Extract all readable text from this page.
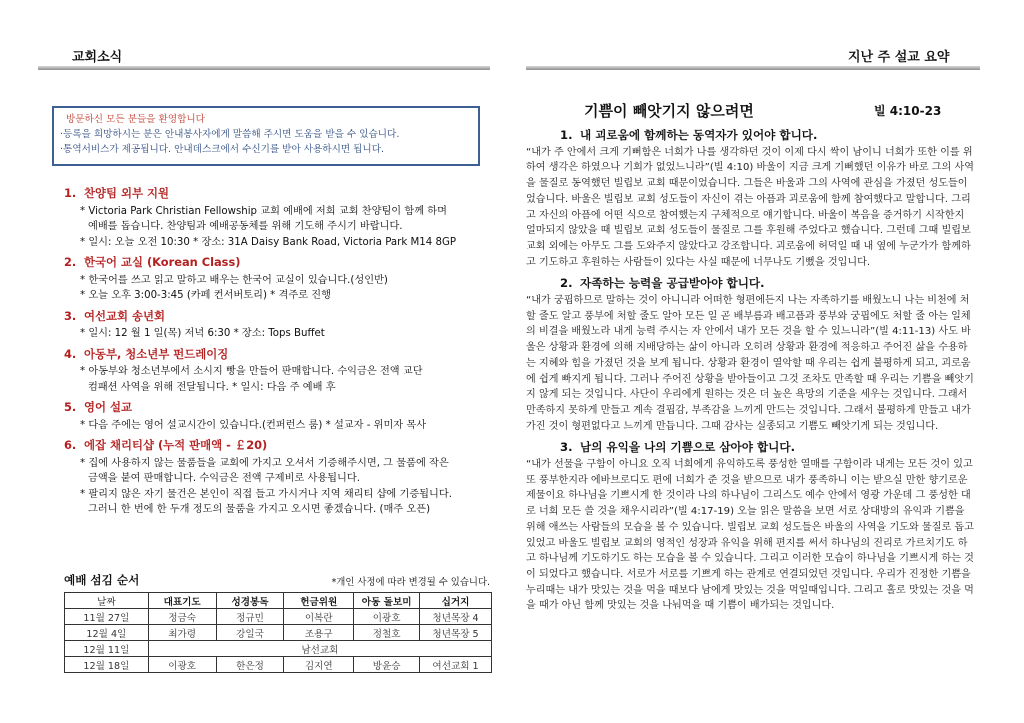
교회소식
방문하신 모든 분들을 환영합니다
·등록을 희망하시는 분은 안내봉사자에게 말씀해 주시면 도움을 받을 수 있습니다.
·통역서비스가 제공됩니다. 안내데스크에서 수신기를 받아 사용하시면 됩니다.
1. 찬양팀 외부 지원

* Victoria Park Christian Fellowship 교회 예배에 저희 교회 찬양팀이 함께 하며
예배를 돕습니다. 찬양팀과 예배공동체를 위해 기도해 주시기 바랍니다.

* 일시: 오늘 오전 10:30 * 장소: 31A Daisy Bank Road, Victoria Park M14 8GP

2. 한국어 교실 (Korean Class)

* 한국어를 쓰고 읽고 말하고 배우는 한국어 교실이 있습니다.(성인반)

* 오늘 오후 3:00-3:45 (카페 컨서버토리) * 격주로 진행

3. 여선교회 송년회

* 일시: 12 월 1 일(목) 저녁 6:30 * 장소: Tops Buffet

4. 아동부, 청소년부 펀드레이징

* 아동부와 청소년부에서 소시지 빵을 만들어 판매합니다. 수익금은 전액 교단
컴패션 사역을 위해 전달됩니다. * 일시: 다음 주 예배 후

5. 영어 설교

* 다음 주에는 영어 설교시간이 있습니다.(컨퍼런스 룸) * 설교자 - 위미자 목사

6. 에잡 채리티샵 (누적 판매액 - ￡20)

* 집에 사용하지 않는 물품들을 교회에 가지고 오셔서 기증해주시면, 그 물품에 작은
금액을 붙여 판매합니다. 수익금은 전액 구제비로 사용됩니다.

* 팔리지 않은 자기 물건은 본인이 직접 들고 가시거나 지역 채리티 샵에 기증됩니다.
그러니 한 번에 한 두개 정도의 물품을 가지고 오시면 좋겠습니다. (매주 오픈)

예배 섬김 순서	*개인 사정에 따라 변경될 수 있습니다.
날짜	대표기도	성경봉독	헌금위원	아동 돌보미	십거지
11월 27일	정금숙	정규민	이복란	이광호	청년목장 4
12월 4일	최가령	강일국	조용구	정철호	청년목장 5
12월 11일	남선교회				
12월 18일	이광호	한은정	김지연	방윤승	여선교회 1
지난 주 설교 요약
기쁨이 빼앗기지 않으려면	빌 4:10-23
1. 내 괴로움에 함께하는 동역자가 있어야 합니다.

“내가 주 안에서 크게 기뻐함은 너희가 나를 생각하던 것이 이제 다시 싹이 남이니 너희가 또한 이를 위하여 생각은 하였으나 기회가 없었느니라”(빌 4:10) 바울이 지금 크게 기뻐했던 이유가 바로 그의 사역을 물질로 동역했던 빌립보 교회 때문이었습니다. 그들은 바울과 그의 사역에 관심을 가졌던 성도들이었습니다. 바울은 빌립보 교회 성도들이 자신이 겪는 아픔과 괴로움에 함께 참여했다고 말합니다. 그리고 자신의 아픔에 어떤 식으로 참여했는지 구체적으로 얘기합니다. 바울이 복음을 증거하기 시작한지 얼마되지 않았을 때 빌립보 교회 성도들이 물질로 그를 후원해 주었다고 했습니다. 그런데 그때 빌립보 교회 외에는 아무도 그를 도와주지 않았다고 강조합니다. 괴로움에 허덕일 때 내 옆에 누군가가 함께하고 기도하고 후원하는 사람들이 있다는 사실 때문에 너무나도 기뻤을 것입니다.

2. 자족하는 능력을 공급받아야 합니다.

“내가 궁핍하므로 말하는 것이 아니니라 어떠한 형편에든지 나는 자족하기를 배웠노니 나는 비천에 처할 줄도 알고 풍부에 처할 줄도 알아 모든 일 곧 배부름과 배고픔과 풍부와 궁핍에도 처할 줄 아는 일체의 비결을 배웠노라 내게 능력 주시는 자 안에서 내가 모든 것을 할 수 있느니라”(빌 4:11-13) 사도 바울은 상황과 환경에 의해 지배당하는 삶이 아니라 오히려 상황과 환경에 적응하고 주어진 삶을 수용하는 지혜와 힘을 가졌던 것을 보게 됩니다. 상황과 환경이 열악할 때 우리는 쉽게 불평하게 되고, 괴로움에 쉽게 빠지게 됩니다. 그러나 주어진 상황을 받아들이고 그것 조차도 만족할 때 우리는 기쁨을 빼앗기지 않게 되는 것입니다. 사단이 우리에게 원하는 것은 더 높은 욕망의 기준을 세우는 것입니다. 그래서 만족하지 못하게 만들고 계속 결핍감, 부족감을 느끼게 만드는 것입니다. 그래서 불평하게 만들고 내가 가진 것이 형편없다고 느끼게 만듭니다. 그때 감사는 실종되고 기쁨도 빼앗기게 되는 것입니다.

3. 남의 유익을 나의 기쁨으로 삼아야 합니다.

“내가 선물을 구함이 아니요 오직 너희에게 유익하도록 풍성한 열매를 구함이라 내게는 모든 것이 있고 또 풍부한지라 에바브로디도 편에 너희가 준 것을 받으므로 내가 풍족하니 이는 받으실 만한 향기로운 제물이요 하나님을 기쁘시게 한 것이라 나의 하나님이 그리스도 예수 안에서 영광 가운데 그 풍성한 대로 너희 모든 쓸 것을 채우시리라”(빌 4:17-19) 오늘 읽은 말씀을 보면 서로 상대방의 유익과 기쁨을 위해 애쓰는 사람들의 모습을 볼 수 있습니다. 빌립보 교회 성도들은 바울의 사역을 기도와 물질로 돕고 있었고 바울도 빌립보 교회의 영적인 성장과 유익을 위해 편지를 써서 하나님의 진리로 가르치기도 하고 하나님께 기도하기도 하는 모습을 볼 수 있습니다. 그리고 이러한 모습이 하나님을 기쁘시게 하는 것이 되었다고 했습니다. 서로가 서로를 기쁘게 하는 관계로 연결되었던 것입니다. 우리가 진정한 기쁨을 누리때는 내가 맛있는 것을 먹을 때보다 남에게 맛있는 것을 먹일때입니다. 그리고 홀로 맛있는 것을 먹을 때가 아닌 함께 맛있는 것을 나눠먹을 때 기쁨이 배가되는 것입니다.
